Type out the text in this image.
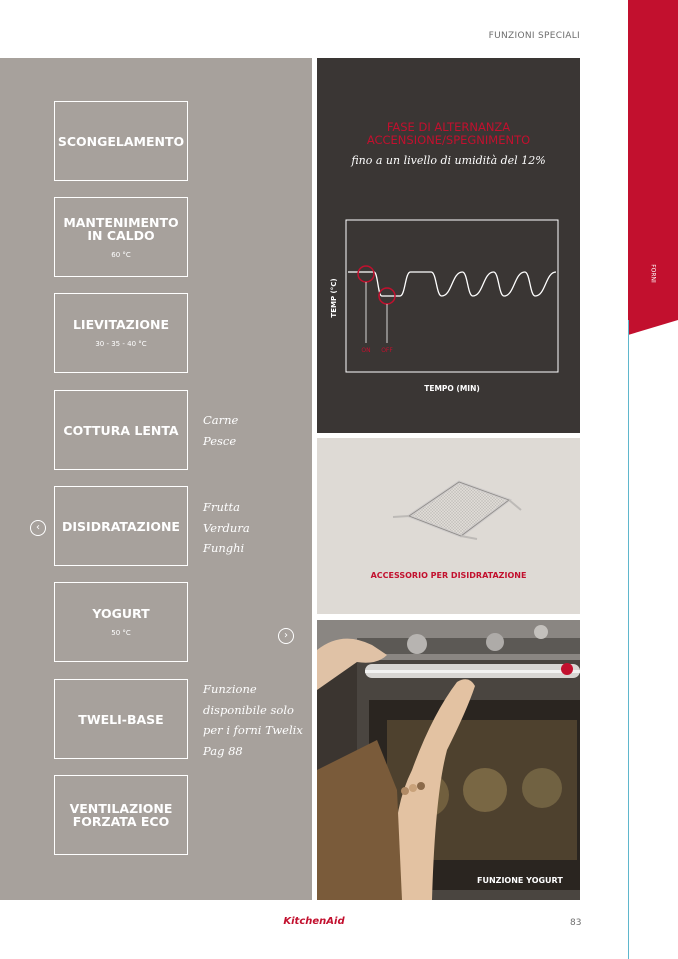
FUNZIONI SPECIALI
FORNI
SCONGELAMENTO
MANTENIMENTO IN CALDO
60 °C
LIEVITAZIONE
30 - 35 - 40 °C
COTTURA LENTA
DISIDRATAZIONE
YOGURT
50 °C
TWELI-BASE
VENTILAZIONE FORZATA ECO
Carne
Pesce
Frutta
Verdura
Funghi
Funzione
disponibile solo
per i forni Twelix
Pag 88
‹
›
FASE DI ALTERNANZA
ACCENSIONE/SPEGNIMENTO
fino a un livello di umidità del 12%
ON OFF
TEMPO (MIN)
TEMP (°C)
ACCESSORIO PER DISIDRATAZIONE
FUNZIONE YOGURT
KitchenAid	83
